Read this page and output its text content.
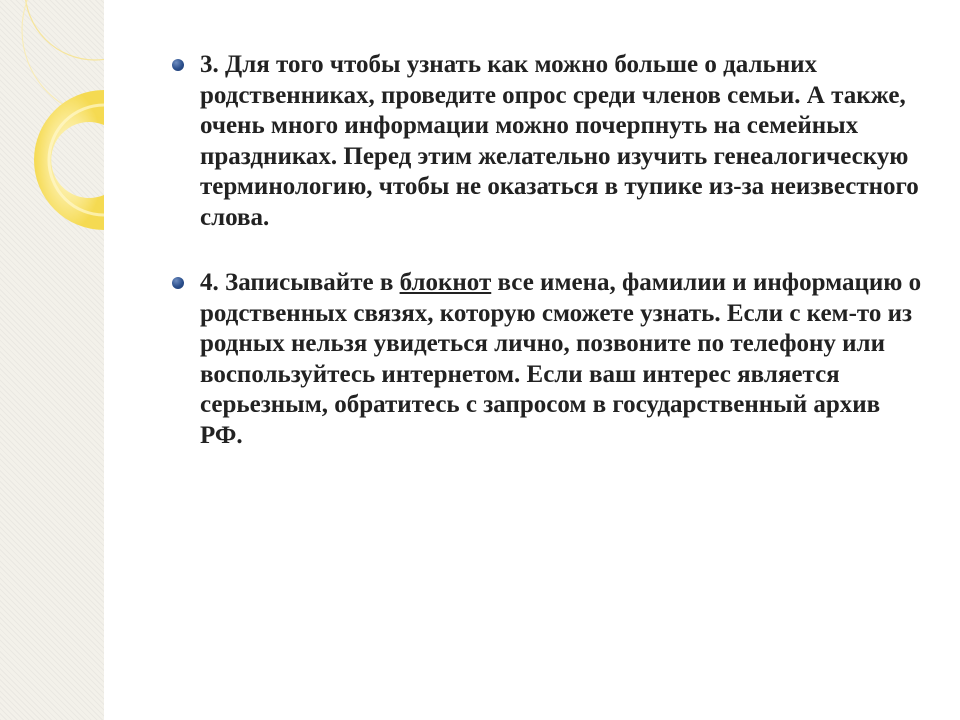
3. Для того чтобы узнать как можно больше о дальних родственниках, проведите опрос среди членов семьи. А также, очень много информации можно почерпнуть на семейных праздниках. Перед этим желательно изучить генеалогическую терминологию, чтобы не оказаться в тупике из-за неизвестного слова.

4. Записывайте в блокнот все имена, фамилии и информацию о родственных связях, которую сможете узнать. Если с кем-то из родных нельзя увидеться лично, позвоните по телефону или воспользуйтесь интернетом. Если ваш интерес является серьезным, обратитесь с запросом в государственный архив РФ.
